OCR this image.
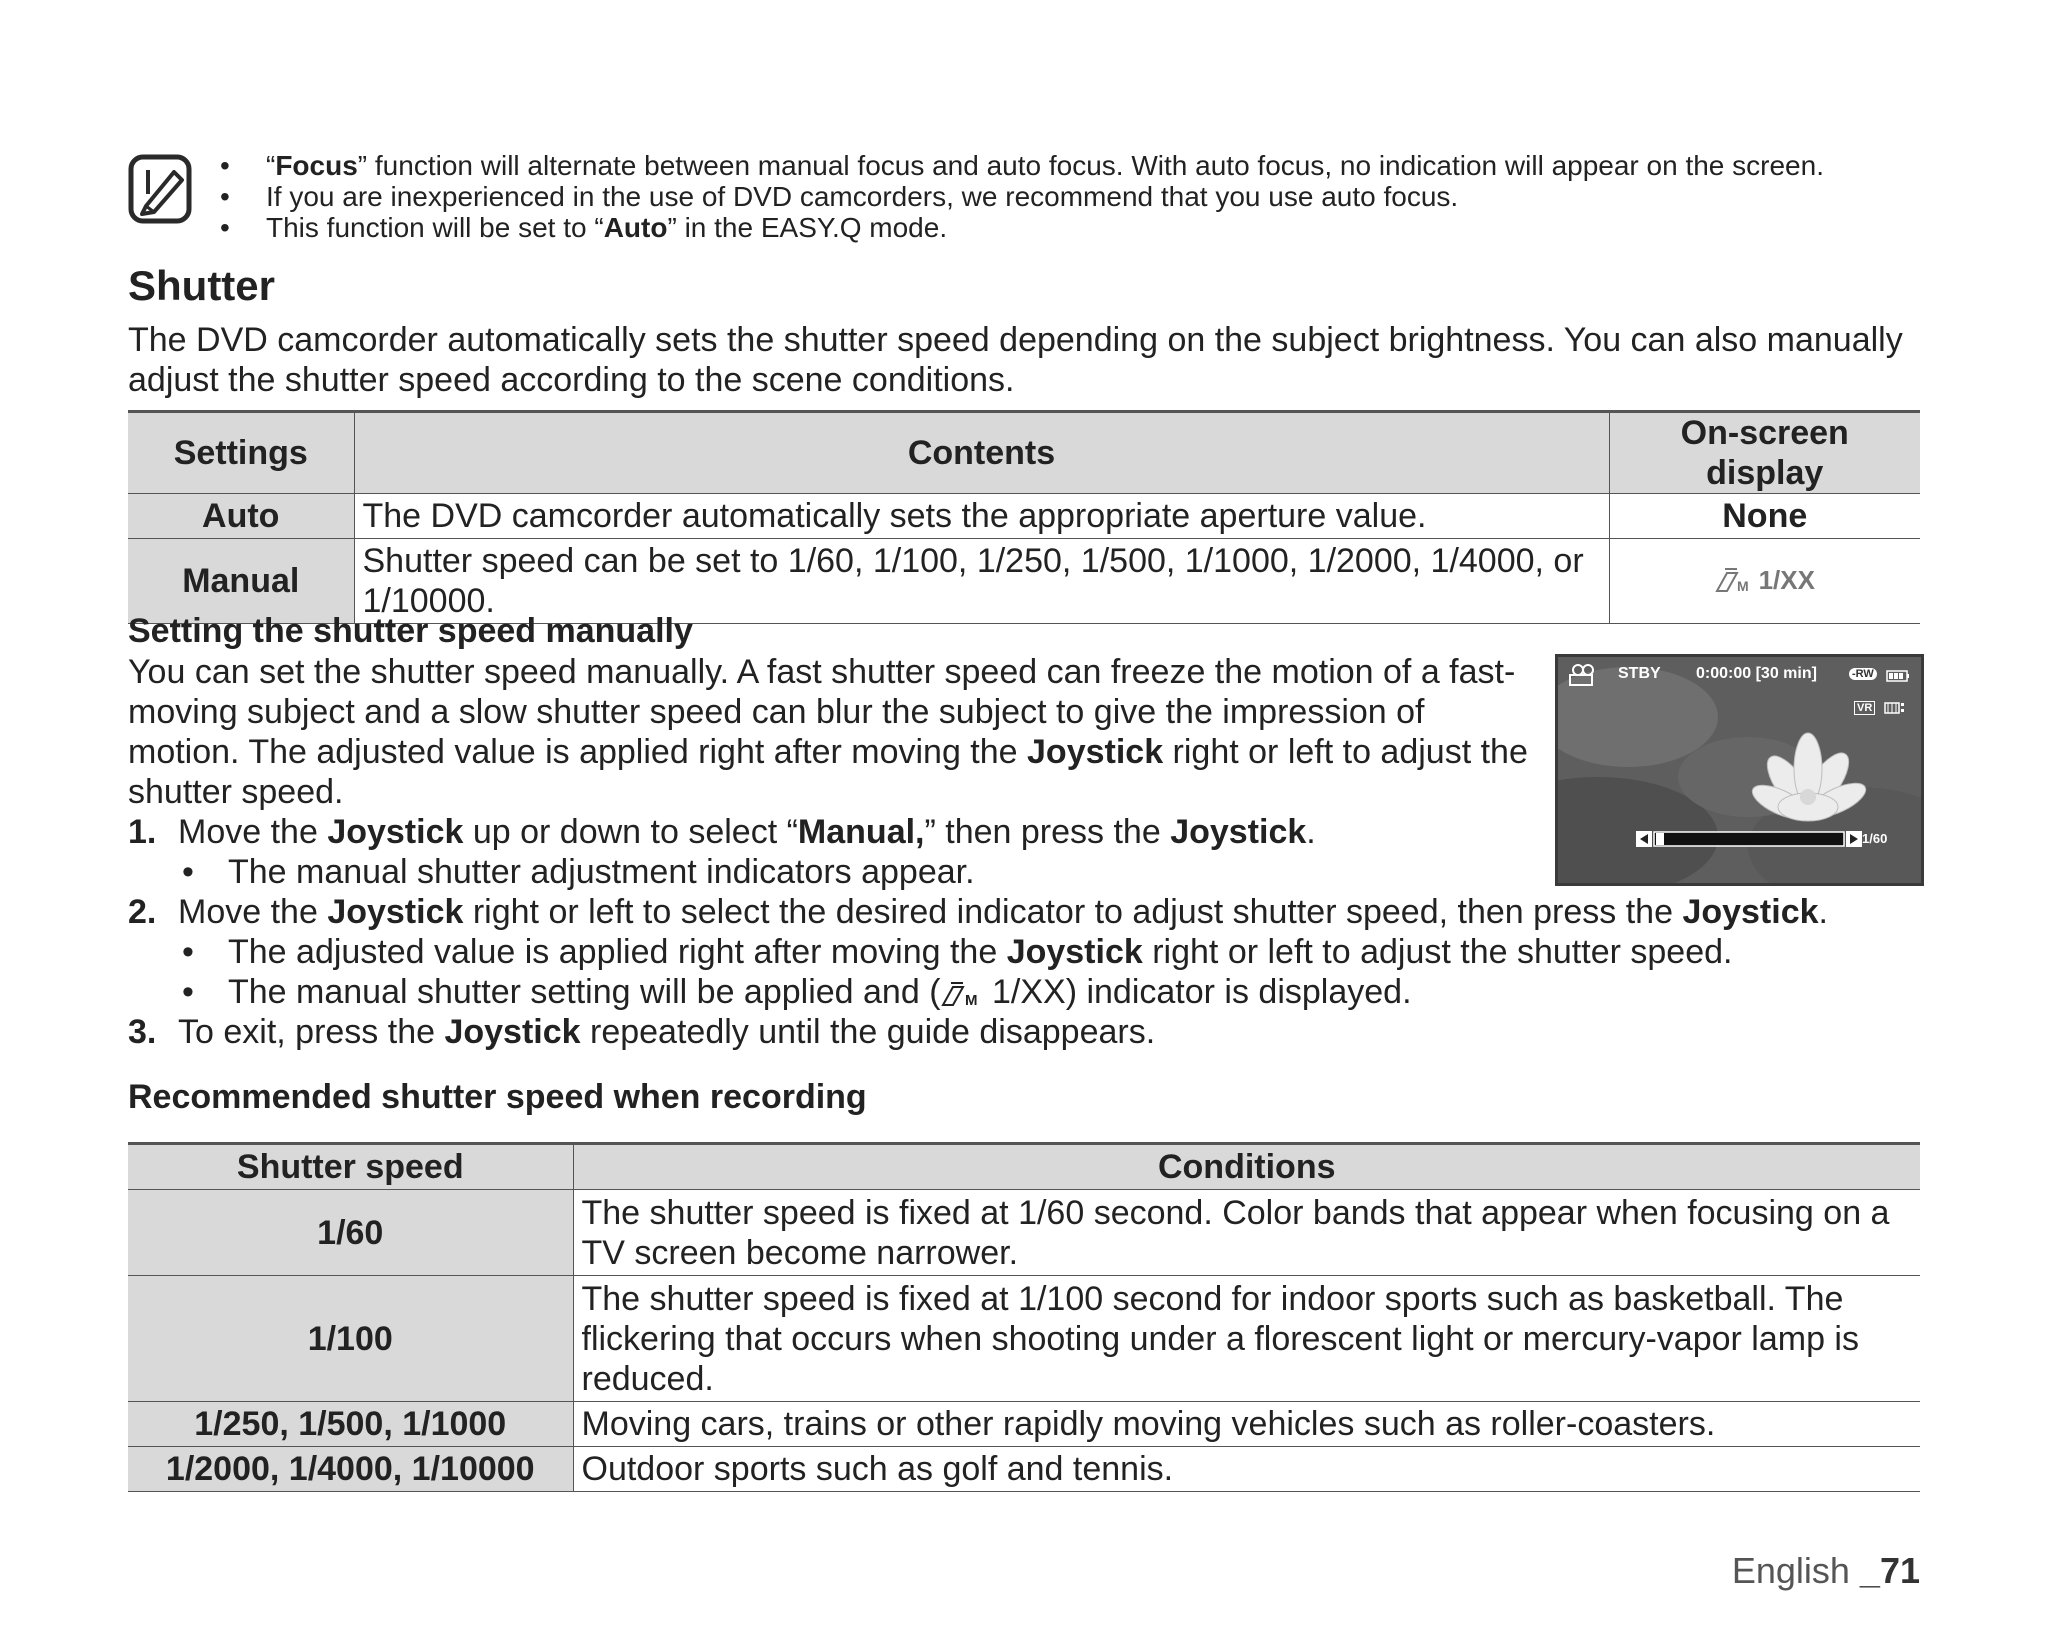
• “Focus” function will alternate between manual focus and auto focus. With auto focus, no indication will appear on the screen.
• If you are inexperienced in the use of DVD camcorders, we recommend that you use auto focus.
• This function will be set to “Auto” in the EASY.Q mode.
Shutter

The DVD camcorder automatically sets the shutter speed depending on the subject brightness. You can also manually adjust the shutter speed according to the scene conditions.

Settings	Contents	On-screen display
Auto	The DVD camcorder automatically sets the appropriate aperture value.	None
Manual	Shutter speed can be set to 1/60, 1/100, 1/250, 1/500, 1/1000, 1/2000, 1/4000, or 1/10000.	M 1/XX
Setting the shutter speed manually

You can set the shutter speed manually. A fast shutter speed can freeze the motion of a fast-moving subject and a slow shutter speed can blur the subject to give the impression of motion. The adjusted value is applied right after moving the Joystick right or left to adjust the shutter speed.

STBY 0:00:00 [30 min]	-RW
VR
1/60
1. Move the Joystick up or down to select “Manual,” then press the Joystick.
• The manual shutter adjustment indicators appear.
2. Move the Joystick right or left to select the desired indicator to adjust shutter speed, then press the Joystick.
• The adjusted value is applied right after moving the Joystick right or left to adjust the shutter speed.
• The manual shutter setting will be applied and ( M 1/XX) indicator is displayed.
3. To exit, press the Joystick repeatedly until the guide disappears.
Recommended shutter speed when recording
Shutter speed	Conditions
1/60	The shutter speed is fixed at 1/60 second. Color bands that appear when focusing on a TV screen become narrower.
1/100	The shutter speed is fixed at 1/100 second for indoor sports such as basketball. The flickering that occurs when shooting under a florescent light or mercury-vapor lamp is reduced.
1/250, 1/500, 1/1000	Moving cars, trains or other rapidly moving vehicles such as roller-coasters.
1/2000, 1/4000, 1/10000	Outdoor sports such as golf and tennis.
English _71
